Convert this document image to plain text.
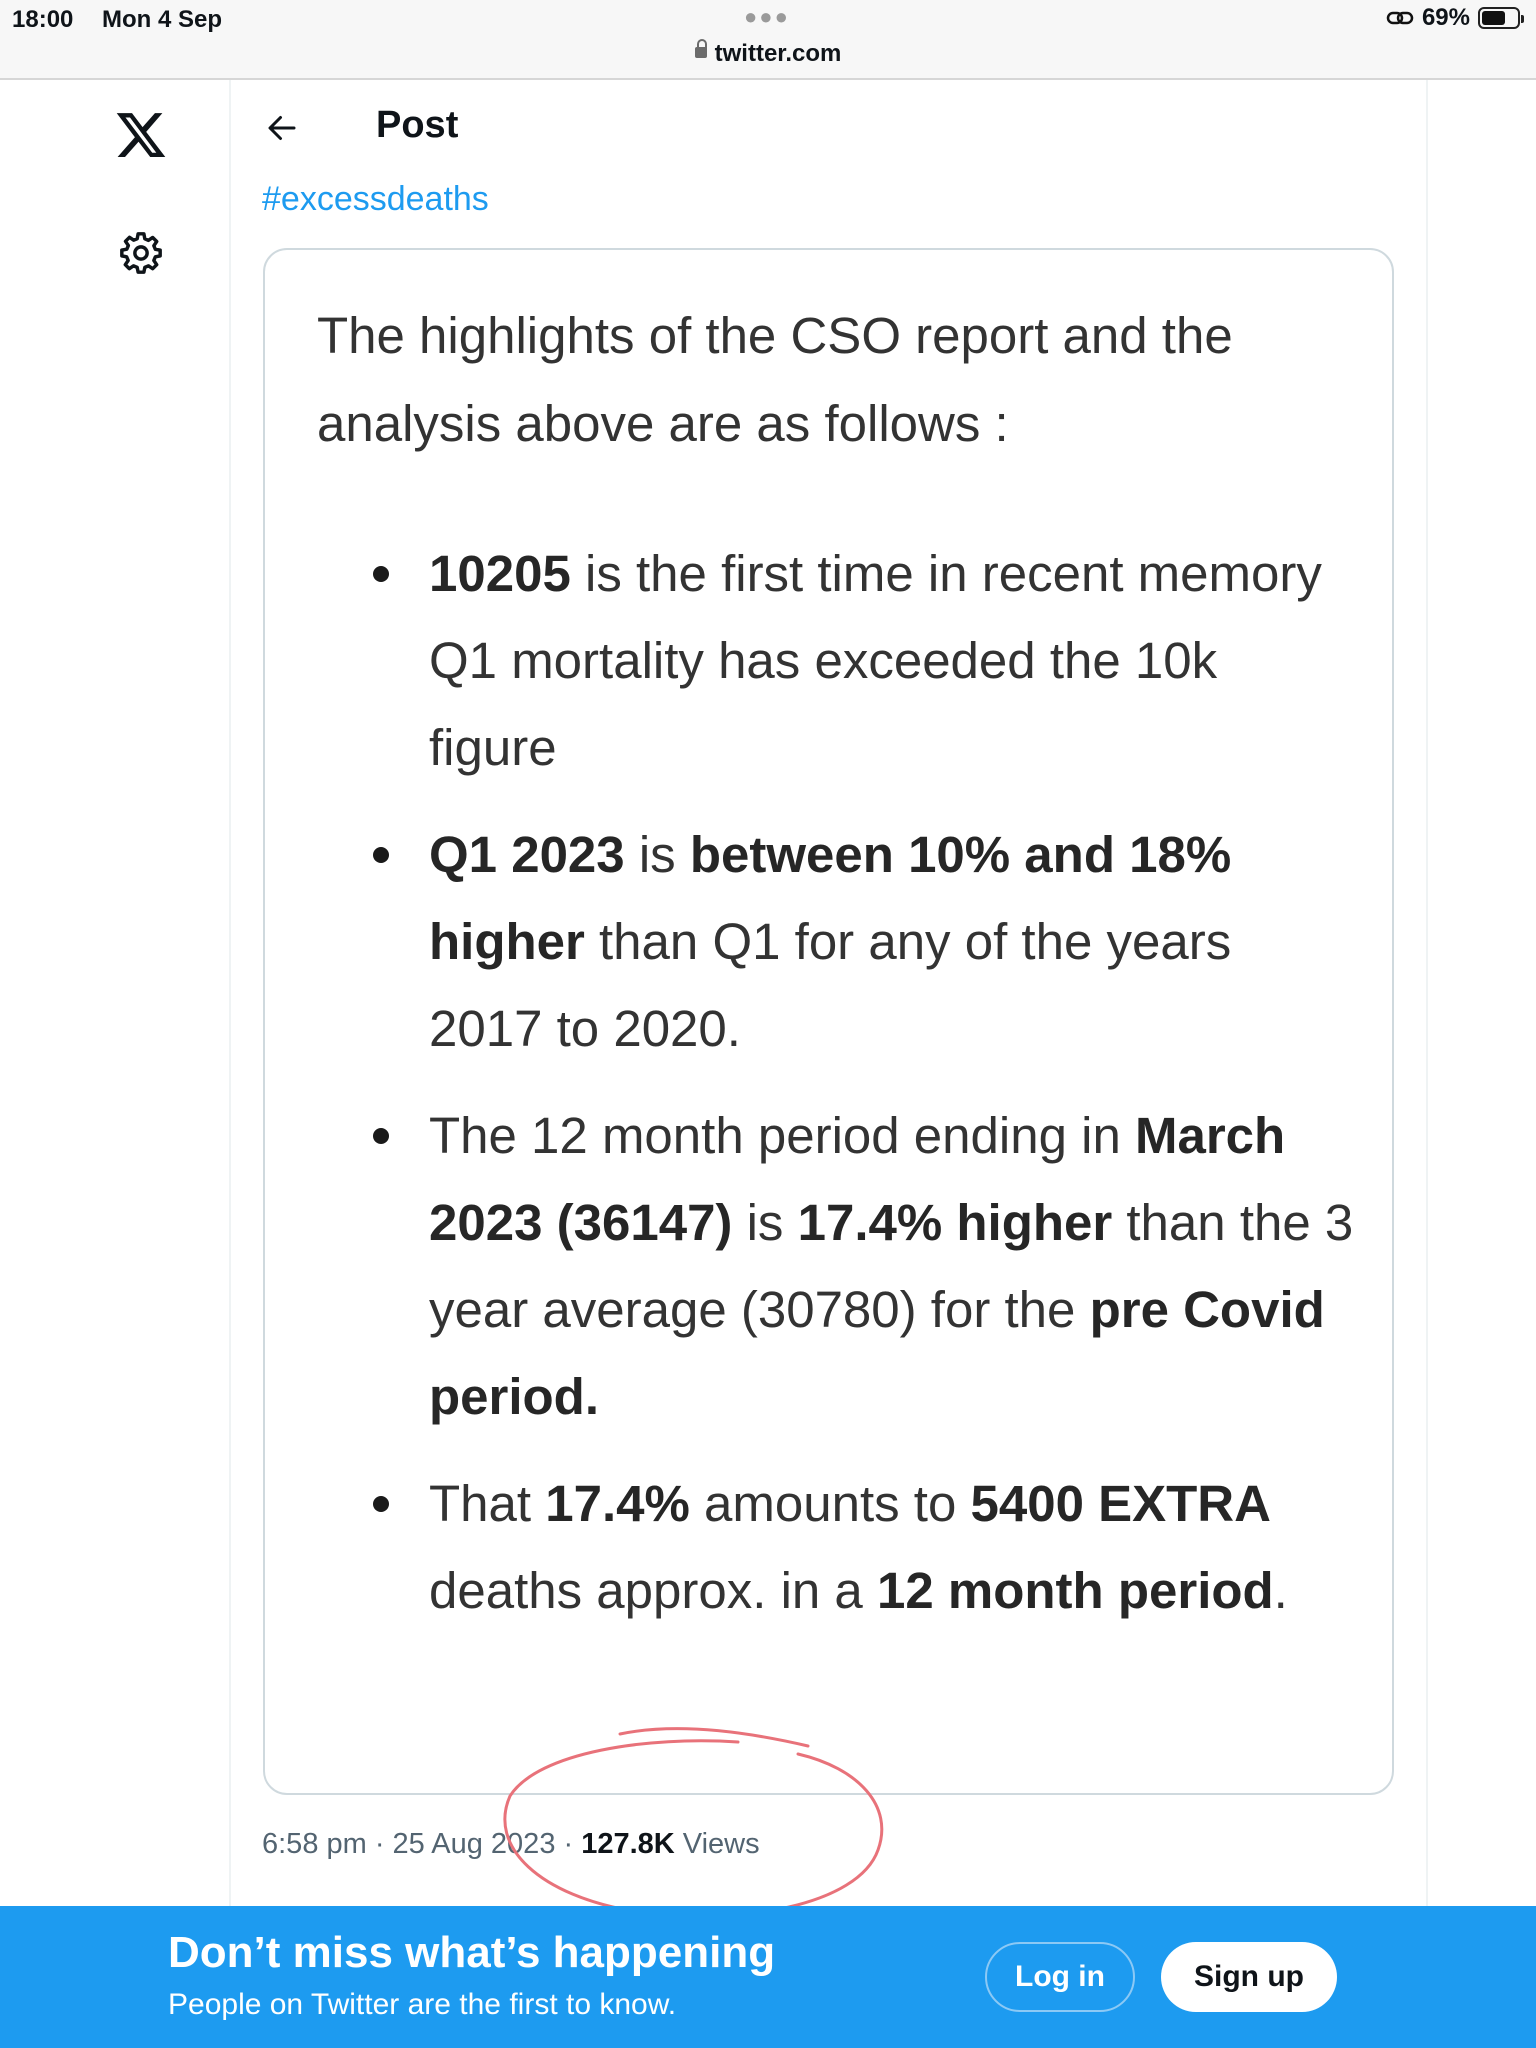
18:00 Mon 4 Sep	●●●
twitter.com
69%
Post
#excessdeaths
The highlights of the CSO report and the analysis above are as follows :
10205 is the first time in recent memory Q1 mortality has exceeded the 10k figure
Q1 2023 is between 10% and 18% higher than Q1 for any of the years 2017 to 2020.
The 12 month period ending in March 2023 (36147) is 17.4% higher than the 3 year average (30780) for the pre Covid period.
That 17.4% amounts to 5400 EXTRA deaths approx. in a 12 month period.
6:58 pm · 25 Aug 2023 · 127.8K Views
Don’t miss what’s happening
People on Twitter are the first to know.
Log in	Sign up
